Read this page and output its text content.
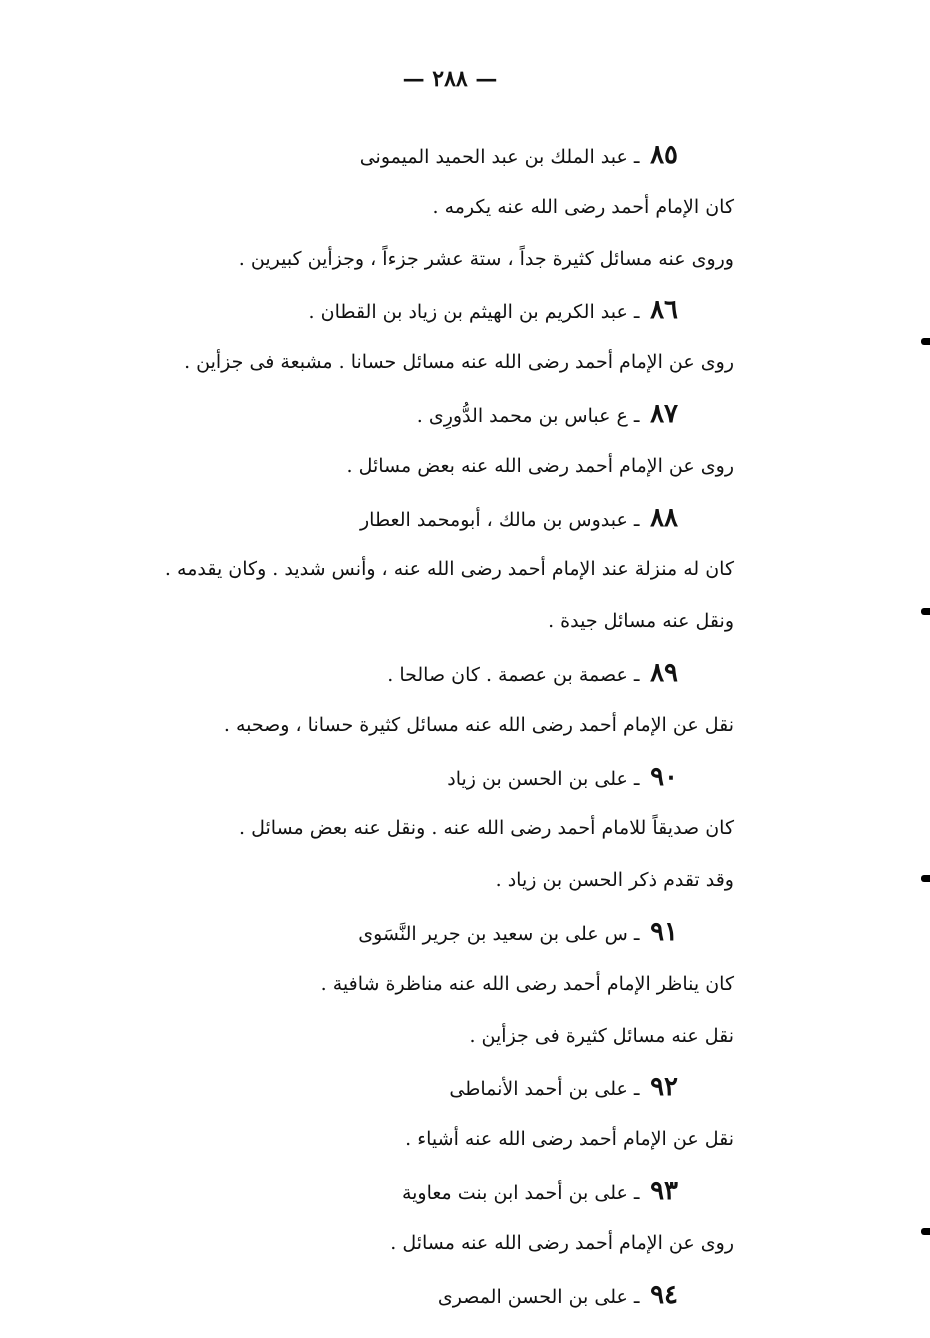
— ٢٨٨ —
٨٥ ـ عبد الملك بن عبد الحميد الميمونى
كان الإمام أحمد رضى الله عنه يكرمه .
وروى عنه مسائل كثيرة جداً ، ستة عشر جزءاً ، وجزأين كبيرين .
٨٦ ـ عبد الكريم بن الهيثم بن زياد بن القطان .
روى عن الإمام أحمد رضى الله عنه مسائل حسانا . مشبعة فى جزأين .
٨٧ ـ ع عباس بن محمد الدُّورِى .
روى عن الإمام أحمد رضى الله عنه بعض مسائل .
٨٨ ـ عبدوس بن مالك ، أبومحمد العطار
كان له منزلة عند الإمام أحمد رضى الله عنه ، وأنس شديد . وكان يقدمه .
ونقل عنه مسائل جيدة .
٨٩ ـ عصمة بن عصمة . كان صالحا .
نقل عن الإمام أحمد رضى الله عنه مسائل كثيرة حسانا ، وصحبه .
٩٠ ـ على بن الحسن بن زياد
كان صديقاً للامام أحمد رضى الله عنه . ونقل عنه بعض مسائل .
وقد تقدم ذكر الحسن بن زياد .
٩١ ـ س على بن سعيد بن جرير النَّسَوى
كان يناظر الإمام أحمد رضى الله عنه مناظرة شافية .
نقل عنه مسائل كثيرة فى جزأين .
٩٢ ـ على بن أحمد الأنماطى
نقل عن الإمام أحمد رضى الله عنه أشياء .
٩٣ ـ على بن أحمد ابن بنت معاوية
روى عن الإمام أحمد رضى الله عنه مسائل .
٩٤ ـ على بن الحسن المصرى
